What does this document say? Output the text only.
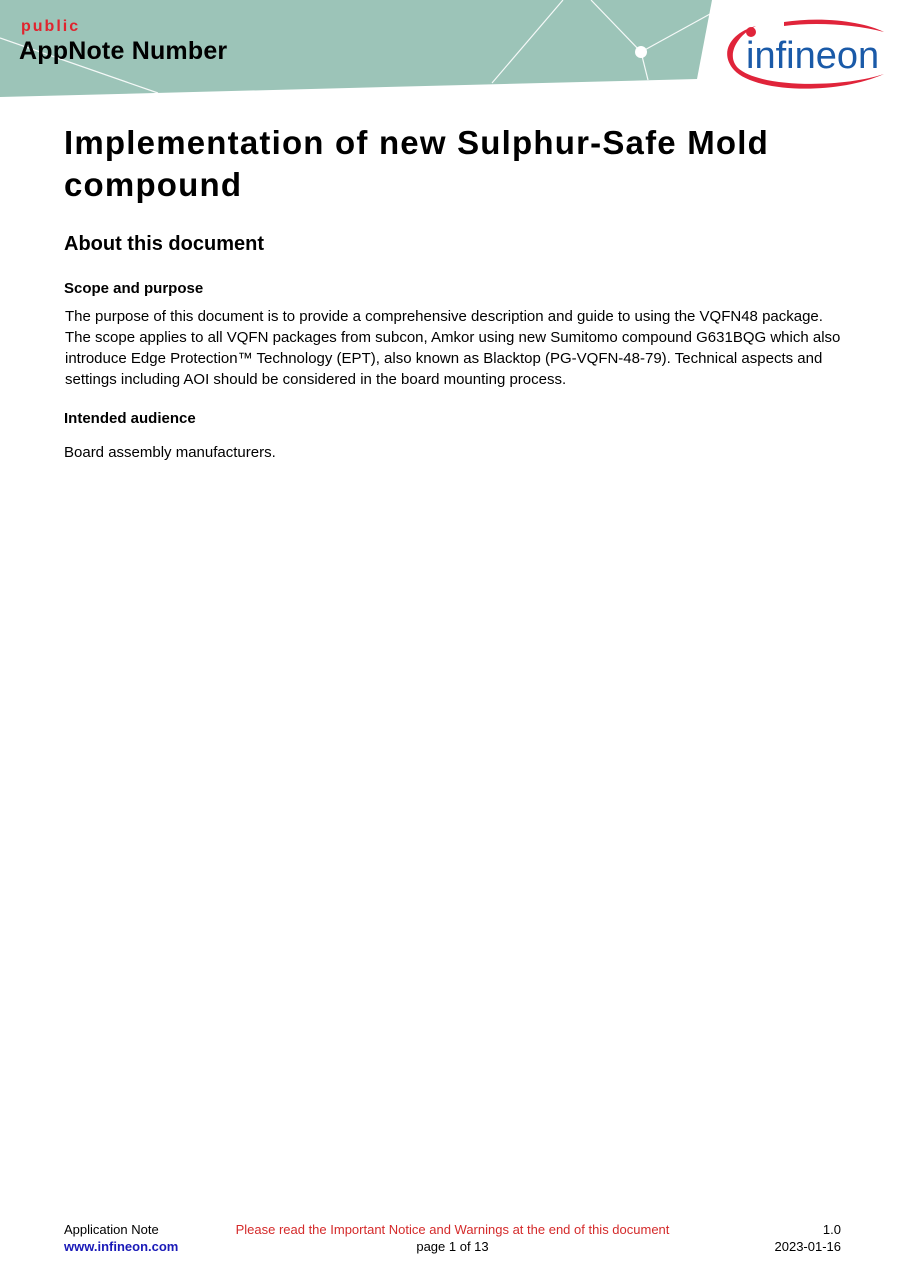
public
AppNote Number	infineon
Implementation of new Sulphur-Safe Mold compound
About this document
Scope and purpose

The purpose of this document is to provide a comprehensive description and guide to using the VQFN48 package. The scope applies to all VQFN packages from subcon, Amkor using new Sumitomo compound G631BQG which also introduce Edge Protection™ Technology (EPT), also known as Blacktop (PG-VQFN-48-79). Technical aspects and settings including AOI should be considered in the board mounting process.

Intended audience

Board assembly manufacturers.

Application Note
www.infineon.com
Please read the Important Notice and Warnings at the end of this document
page 1 of 13
1.0
2023-01-16
